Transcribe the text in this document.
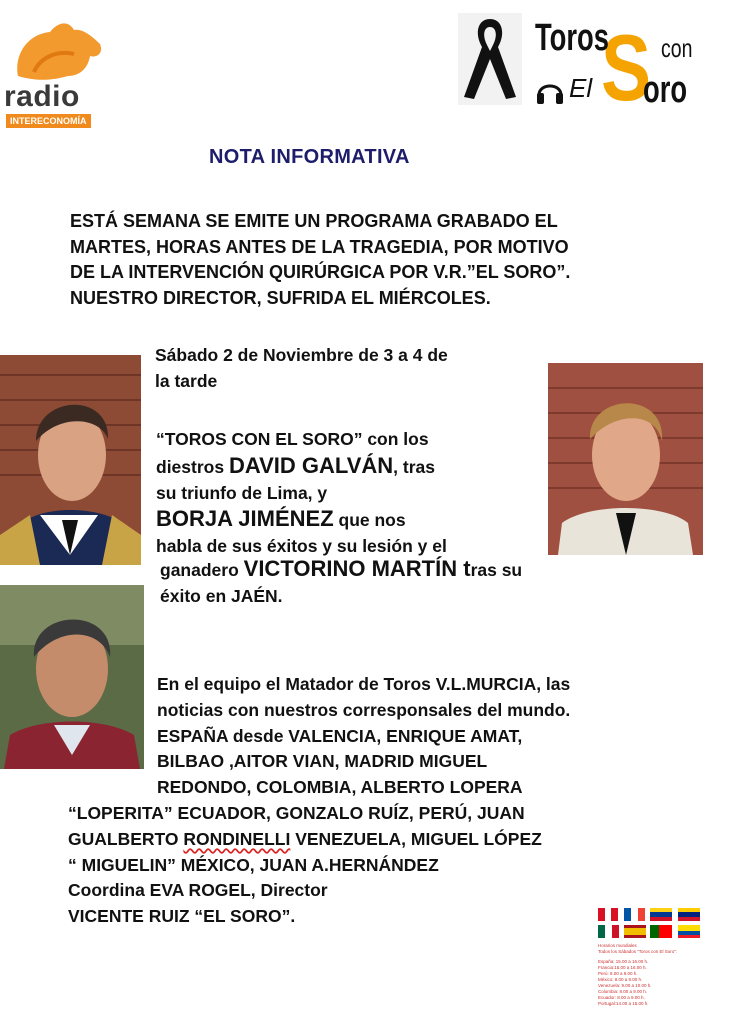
radio
INTERECONOMÍA
S
Toros con
El oro
NOTA INFORMATIVA
ESTÁ SEMANA SE EMITE UN PROGRAMA GRABADO EL
MARTES, HORAS ANTES DE LA TRAGEDIA, POR MOTIVO
DE LA INTERVENCIÓN QUIRÚRGICA POR V.R.”EL SORO”.
NUESTRO DIRECTOR, SUFRIDA EL MIÉRCOLES.
Sábado 2 de Noviembre de 3 a 4 de
la tarde
“TOROS CON EL SORO” con los
diestros DAVID GALVÁN, tras
su triunfo de Lima, y
BORJA JIMÉNEZ que nos
habla de sus éxitos y su lesión y el
ganadero VICTORINO MARTÍN tras su
éxito en JAÉN.
En el equipo el Matador de Toros V.L.MURCIA, las
noticias con nuestros corresponsales del mundo.
ESPAÑA desde VALENCIA, ENRIQUE AMAT,
BILBAO ,AITOR VIAN, MADRID MIGUEL
REDONDO, COLOMBIA, ALBERTO LOPERA
“LOPERITA” ECUADOR, GONZALO RUÍZ, PERÚ, JUAN
GUALBERTO RONDINELLI VENEZUELA, MIGUEL LÓPEZ
“ MIGUELIN” MÉXICO, JUAN A.HERNÁNDEZ
Coordina EVA ROGEL, Director
VICENTE RUIZ “EL SORO”.
Horarios mundiales
Todos los Sábados “Toros con El Soro”:
España: 15.00 a 16.00 h.
Francia:15.00 a 16.00 h.
Perú: 8.00 a 9.00 h.
México: 8.00 a 9.00 h.
Venezuela: 9.00 a 10.00 h.
Colombia: 8.00 a 9.00 h.
Ecuador: 8.00 a 9.00 h.
Portugal:14.00 a 15.00 h.
